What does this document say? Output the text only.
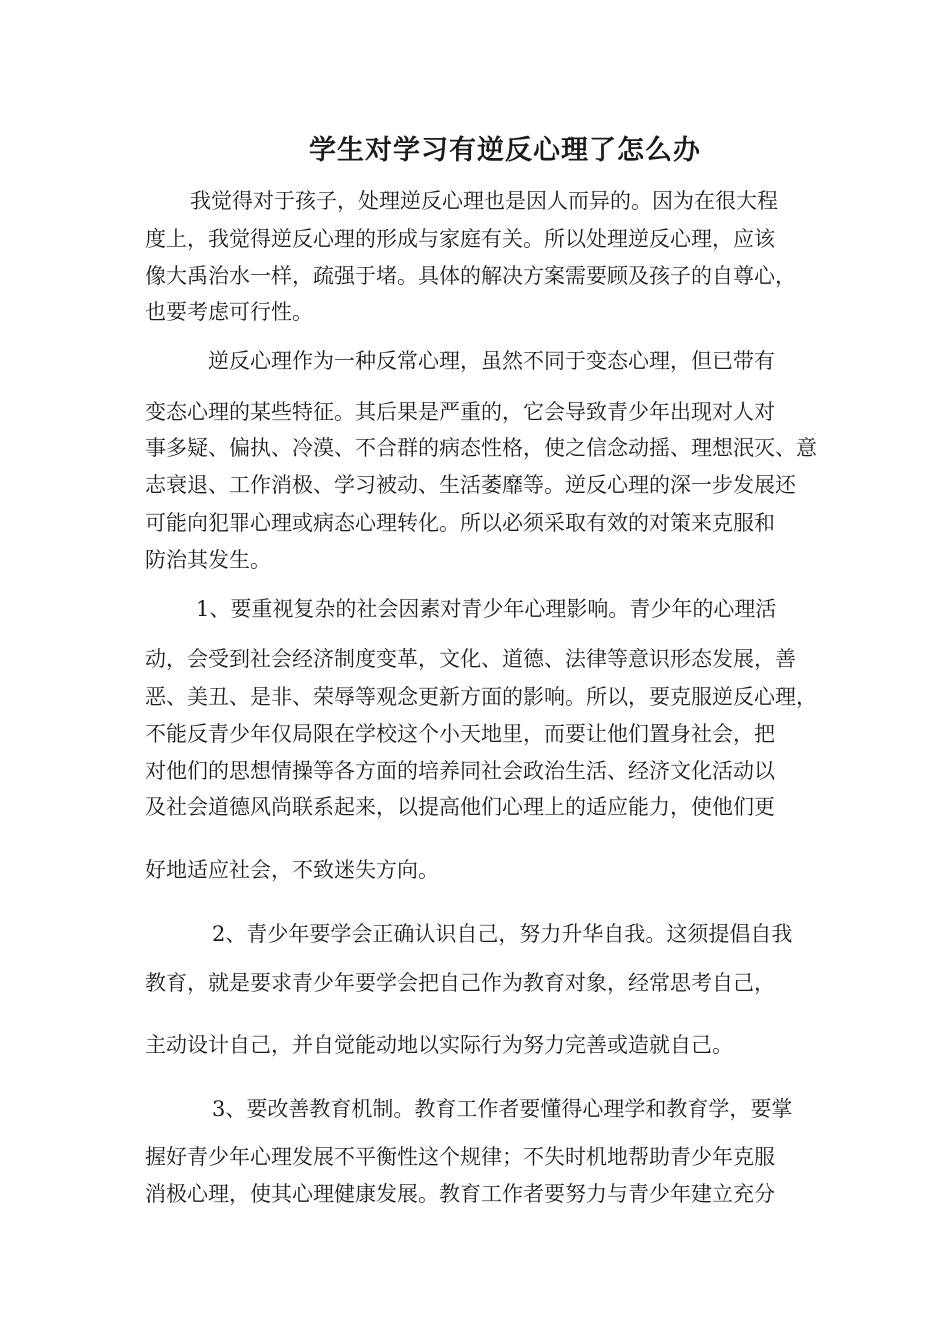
学生对学习有逆反心理了怎么办
我觉得对于孩子，处理逆反心理也是因人而异的。因为在很大程
度上，我觉得逆反心理的形成与家庭有关。所以处理逆反心理，应该
像大禹治水一样，疏强于堵。具体的解决方案需要顾及孩子的自尊心，
也要考虑可行性。
逆反心理作为一种反常心理，虽然不同于变态心理，但已带有
变态心理的某些特征。其后果是严重的，它会导致青少年出现对人对
事多疑、偏执、冷漠、不合群的病态性格，使之信念动摇、理想泯灭、意
志衰退、工作消极、学习被动、生活萎靡等。逆反心理的深一步发展还
可能向犯罪心理或病态心理转化。所以必须采取有效的对策来克服和
防治其发生。
1、要重视复杂的社会因素对青少年心理影响。青少年的心理活
动，会受到社会经济制度变革，文化、道德、法律等意识形态发展，善
恶、美丑、是非、荣辱等观念更新方面的影响。所以，要克服逆反心理，
不能反青少年仅局限在学校这个小天地里，而要让他们置身社会，把
对他们的思想情操等各方面的培养同社会政治生活、经济文化活动以
及社会道德风尚联系起来，以提高他们心理上的适应能力，使他们更
好地适应社会，不致迷失方向。
2、青少年要学会正确认识自己，努力升华自我。这须提倡自我
教育，就是要求青少年要学会把自己作为教育对象，经常思考自己，
主动设计自己，并自觉能动地以实际行为努力完善或造就自己。
3、要改善教育机制。教育工作者要懂得心理学和教育学，要掌
握好青少年心理发展不平衡性这个规律；不失时机地帮助青少年克服
消极心理，使其心理健康发展。教育工作者要努力与青少年建立充分
